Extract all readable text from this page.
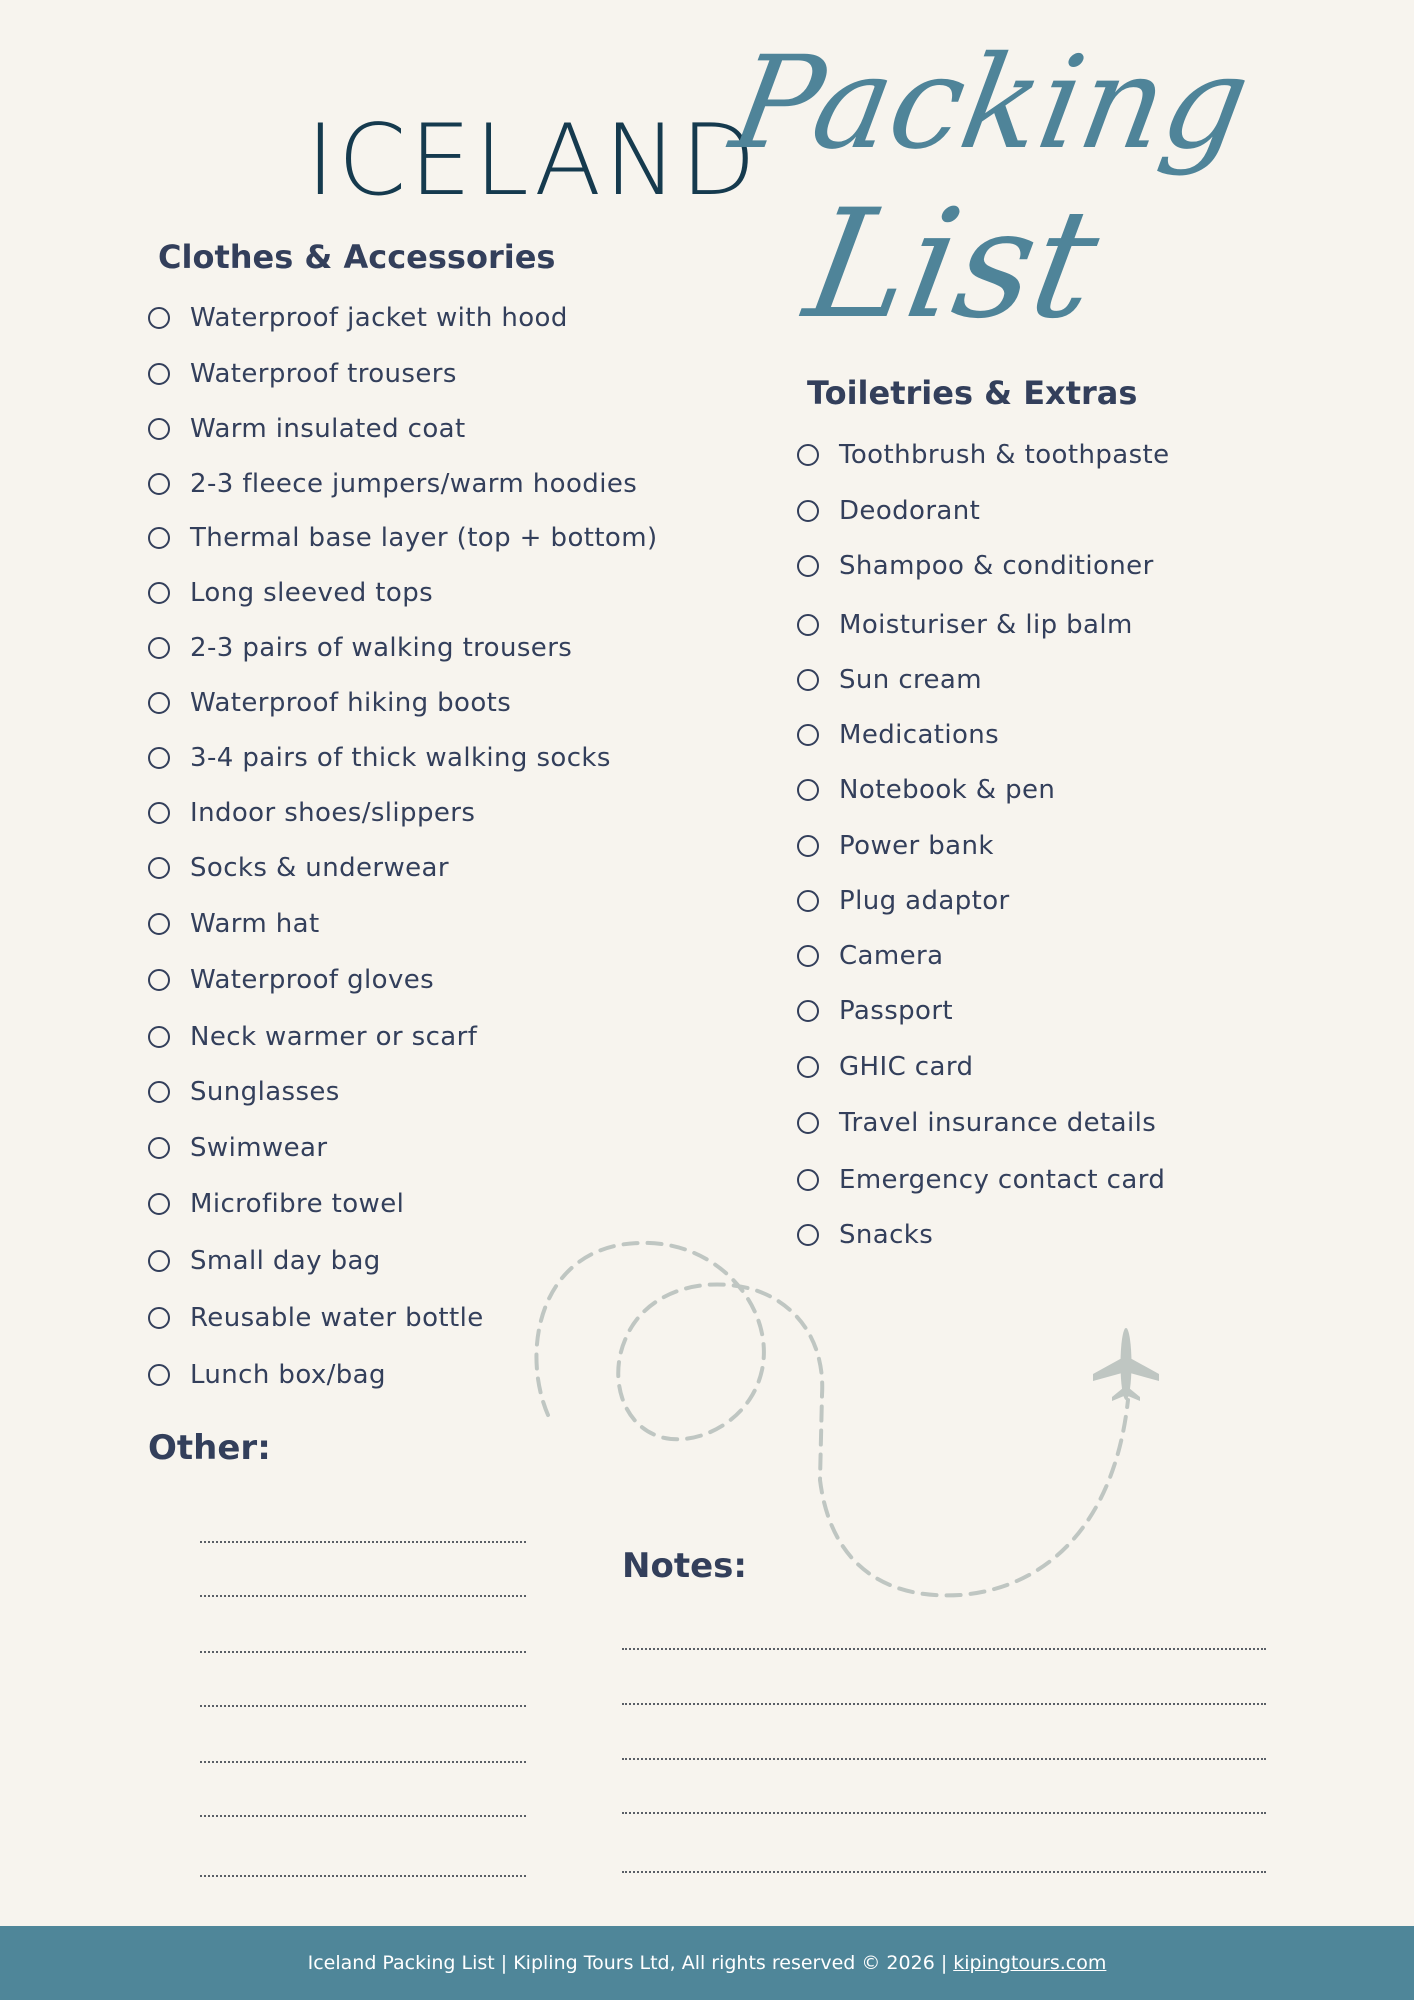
ICELAND
Packing
List
Clothes & Accessories
Waterproof jacket with hood
Waterproof trousers
Warm insulated coat
2-3 fleece jumpers/warm hoodies
Thermal base layer (top + bottom)
Long sleeved tops
2-3 pairs of walking trousers
Waterproof hiking boots
3-4 pairs of thick walking socks
Indoor shoes/slippers
Socks & underwear
Warm hat
Waterproof gloves
Neck warmer or scarf
Sunglasses
Swimwear
Microfibre towel
Small day bag
Reusable water bottle
Lunch box/bag
Toiletries & Extras
Toothbrush & toothpaste
Deodorant
Shampoo & conditioner
Moisturiser & lip balm
Sun cream
Medications
Notebook & pen
Power bank
Plug adaptor
Camera
Passport
GHIC card
Travel insurance details
Emergency contact card
Snacks
Other:
Notes:
Iceland Packing List | Kipling Tours Ltd, All rights reserved © 2026 | kipingtours.com
